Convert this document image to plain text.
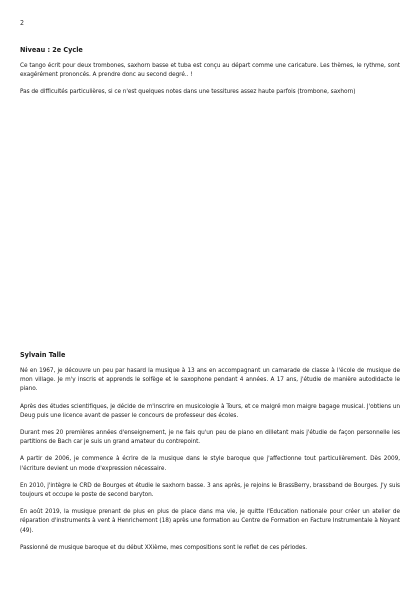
2
Niveau : 2e Cycle

Ce tango écrit pour deux trombones, saxhorn basse et tuba est conçu au départ comme une caricature. Les thèmes, le rythme, sont exagérément prononcés. A prendre donc au second degré.. !

Pas de difficultés particulières, si ce n'est quelques notes dans une tessitures assez haute parfois (trombone, saxhorn)

Sylvain Talle

Né en 1967, je découvre un peu par hasard la musique à 13 ans en accompagnant un camarade de classe à l'école de musique de mon village. Je m'y inscris et apprends le solfège et le saxophone pendant 4 années. A 17 ans, j'étudie de manière autodidacte le piano.

Après des études scientifiques, je décide de m'inscrire en musicologie à Tours, et ce malgré mon maigre bagage musical. J'obtiens un Deug puis une licence avant de passer le concours de professeur des écoles.

Durant mes 20 premières années d'enseignement, je ne fais qu'un peu de piano en dilletant mais j'étudie de façon personnelle les partitions de Bach car je suis un grand amateur du contrepoint.

A partir de 2006, je commence à écrire de la musique dans le style baroque que j'affectionne tout particulièrement. Dès 2009, l'écriture devient un mode d'expression nécessaire.

En 2010, j'intègre le CRD de Bourges et étudie le saxhorn basse. 3 ans après, je rejoins le BrassBerry, brassband de Bourges. J'y suis toujours et occupe le poste de second baryton.

En août 2019, la musique prenant de plus en plus de place dans ma vie, je quitte l'Education nationale pour créer un atelier de réparation d'instruments à vent à Henrichemont (18) après une formation au Centre de Formation en Facture Instrumentale à Noyant (49).

Passionné de musique baroque et du début XXième, mes compositions sont le reflet de ces périodes.
